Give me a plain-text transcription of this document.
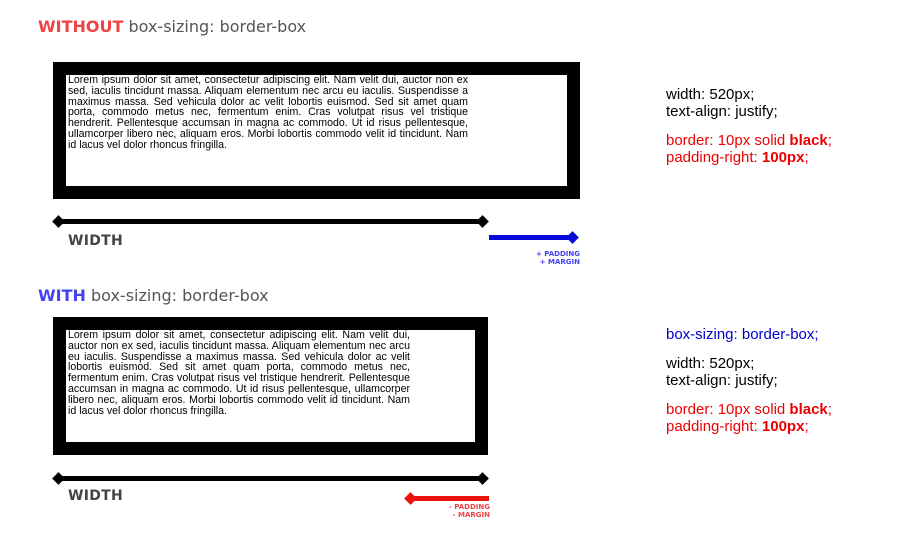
WITHOUT box-sizing: border-box

Lorem ipsum dolor sit amet, consectetur adipiscing elit. Nam velit dui, auctor non ex sed, iaculis tincidunt massa. Aliquam elementum nec arcu eu iaculis. Suspendisse a maximus massa. Sed vehicula dolor ac velit lobortis euismod. Sed sit amet quam porta, commodo metus nec, fermentum enim. Cras volutpat risus vel tristique hendrerit. Pellentesque accumsan in magna ac commodo. Ut id risus pellentesque, ullamcorper libero nec, aliquam eros. Morbi lobortis commodo velit id tincidunt. Nam id lacus vel dolor rhoncus fringilla.

WIDTH
+ PADDING
+ MARGIN
width: 520px;
text-align: justify;
border: 10px solid black;
padding-right: 100px;
WITH box-sizing: border-box

Lorem ipsum dolor sit amet, consectetur adipiscing elit. Nam velit dui, auctor non ex sed, iaculis tincidunt massa. Aliquam elementum nec arcu eu iaculis. Suspendisse a maximus massa. Sed vehicula dolor ac velit lobortis euismod. Sed sit amet quam porta, commodo metus nec, fermentum enim. Cras volutpat risus vel tristique hendrerit. Pellentesque accumsan in magna ac commodo. Ut id risus pellentesque, ullamcorper libero nec, aliquam eros. Morbi lobortis commodo velit id tincidunt. Nam id lacus vel dolor rhoncus fringilla.

WIDTH
- PADDING
- MARGIN
box-sizing: border-box;
width: 520px;
text-align: justify;
border: 10px solid black;
padding-right: 100px;
